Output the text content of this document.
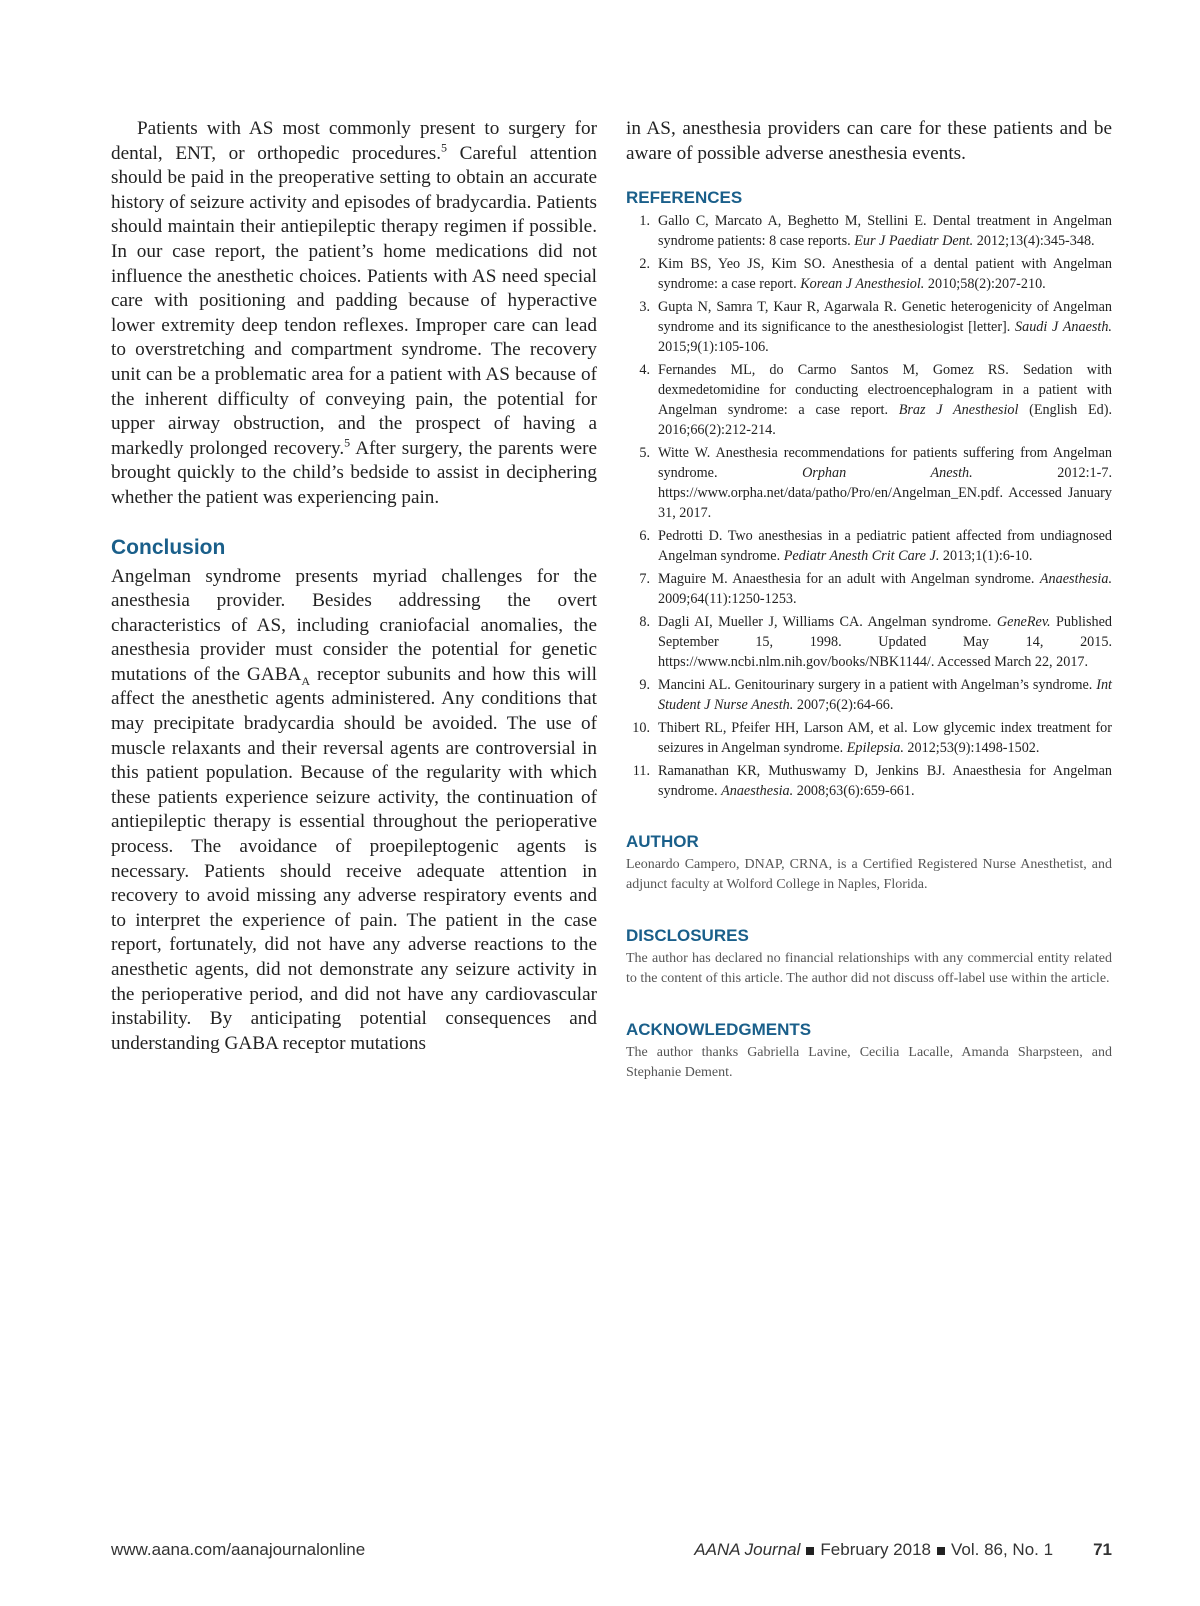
Patients with AS most commonly present to surgery for dental, ENT, or orthopedic procedures.$^5$ Careful attention should be paid in the preoperative setting to obtain an accurate history of seizure activity and episodes of bradycardia. Patients should maintain their antiepileptic therapy regimen if possible. In our case report, the patient’s home medications did not influence the anesthetic choices. Patients with AS need special care with positioning and padding because of hyperactive lower extremity deep tendon reflexes. Improper care can lead to overstretching and compartment syndrome. The recovery unit can be a problematic area for a patient with AS because of the inherent difficulty of conveying pain, the potential for upper airway obstruction, and the prospect of having a markedly prolonged recovery.$^5$ After surgery, the parents were brought quickly to the child’s bedside to assist in deciphering whether the patient was experiencing pain.

Conclusion

Angelman syndrome presents myriad challenges for the anesthesia provider. Besides addressing the overt characteristics of AS, including craniofacial anomalies, the anesthesia provider must consider the potential for genetic mutations of the $GABA_A$ receptor subunits and how this will affect the anesthetic agents administered. Any conditions that may precipitate bradycardia should be avoided. The use of muscle relaxants and their reversal agents are controversial in this patient population. Because of the regularity with which these patients experience seizure activity, the continuation of antiepileptic therapy is essential throughout the perioperative process. The avoidance of proepileptogenic agents is necessary. Patients should receive adequate attention in recovery to avoid missing any adverse respiratory events and to interpret the experience of pain. The patient in the case report, fortunately, did not have any adverse reactions to the anesthetic agents, did not demonstrate any seizure activity in the perioperative period, and did not have any cardiovascular instability. By anticipating potential consequences and understanding GABA receptor mutations

in AS, anesthesia providers can care for these patients and be aware of possible adverse anesthesia events.

REFERENCES
1. Gallo C, Marcato A, Beghetto M, Stellini E. Dental treatment in Angelman syndrome patients: 8 case reports. Eur J Paediatr Dent. 2012;13(4):345-348.
2. Kim BS, Yeo JS, Kim SO. Anesthesia of a dental patient with Angelman syndrome: a case report. Korean J Anesthesiol. 2010;58(2):207-210.
3. Gupta N, Samra T, Kaur R, Agarwala R. Genetic heterogenicity of Angelman syndrome and its significance to the anesthesiologist [letter]. Saudi J Anaesth. 2015;9(1):105-106.
4. Fernandes ML, do Carmo Santos M, Gomez RS. Sedation with dexmedetomidine for conducting electroencephalogram in a patient with Angelman syndrome: a case report. Braz J Anesthesiol (English Ed). 2016;66(2):212-214.
5. Witte W. Anesthesia recommendations for patients suffering from Angelman syndrome. Orphan Anesth. 2012:1-7. https://www.orpha.net/data/patho/Pro/en/Angelman_EN.pdf. Accessed January 31, 2017.
6. Pedrotti D. Two anesthesias in a pediatric patient affected from undiagnosed Angelman syndrome. Pediatr Anesth Crit Care J. 2013;1(1):6-10.
7. Maguire M. Anaesthesia for an adult with Angelman syndrome. Anaesthesia. 2009;64(11):1250-1253.
8. Dagli AI, Mueller J, Williams CA. Angelman syndrome. GeneRev. Published September 15, 1998. Updated May 14, 2015. https://www.ncbi.nlm.nih.gov/books/NBK1144/. Accessed March 22, 2017.
9. Mancini AL. Genitourinary surgery in a patient with Angelman’s syndrome. Int Student J Nurse Anesth. 2007;6(2):64-66.
10. Thibert RL, Pfeifer HH, Larson AM, et al. Low glycemic index treatment for seizures in Angelman syndrome. Epilepsia. 2012;53(9):1498-1502.
11. Ramanathan KR, Muthuswamy D, Jenkins BJ. Anaesthesia for Angelman syndrome. Anaesthesia. 2008;63(6):659-661.
AUTHOR

Leonardo Campero, DNAP, CRNA, is a Certified Registered Nurse Anesthetist, and adjunct faculty at Wolford College in Naples, Florida.

DISCLOSURES

The author has declared no financial relationships with any commercial entity related to the content of this article. The author did not discuss off-label use within the article.

ACKNOWLEDGMENTS

The author thanks Gabriella Lavine, Cecilia Lacalle, Amanda Sharpsteen, and Stephanie Dement.

www.aana.com/aanajournalonline	AANA Journal February 2018 Vol. 86, No. 1 71
